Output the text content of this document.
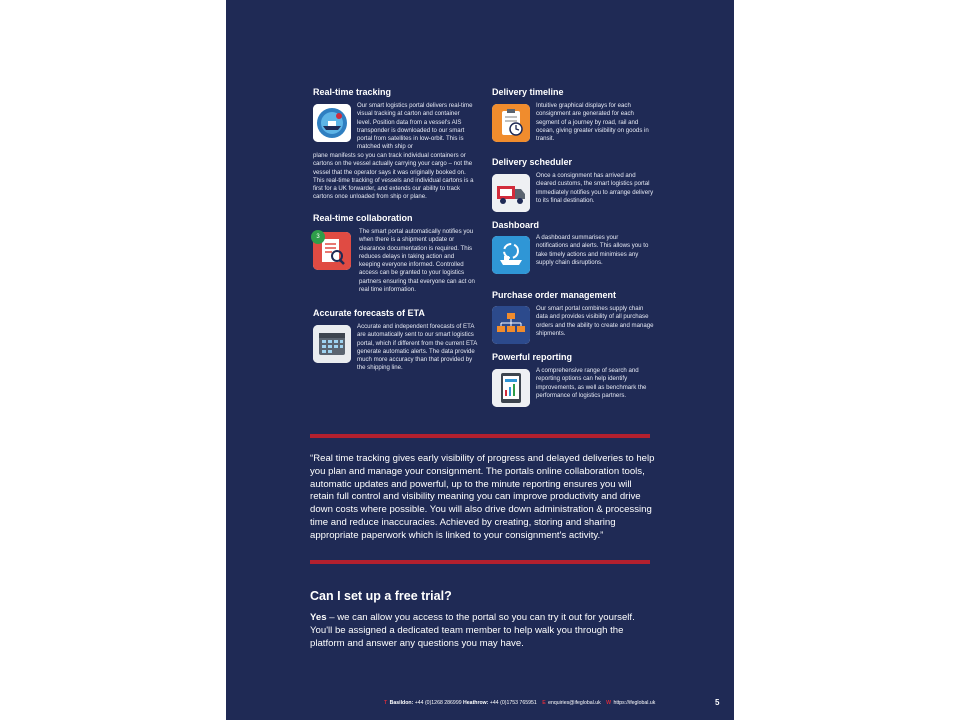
Real-time tracking

Our smart logistics portal delivers real-time visual tracking at carton and container level. Position data from a vessel's AIS transponder is downloaded to our smart portal from satellites in low-orbit. This is matched with ship or

plane manifests so you can track individual containers or cartons on the vessel actually carrying your cargo – not the vessel that the operator says it was originally booked on. This real-time tracking of vessels and individual cartons is a first for a UK forwarder, and extends our ability to track cartons once unloaded from ship or plane.

Real-time collaboration
3

The smart portal automatically notifies you when there is a shipment update or clearance documentation is required. This reduces delays in taking action and keeping everyone informed. Controlled access can be granted to your logistics partners ensuring that everyone can act on real time information.

Accurate forecasts of ETA

Accurate and independent forecasts of ETA are automatically sent to our smart logistics portal, which if different from the current ETA generate automatic alerts. The data provide much more accuracy than that provided by the shipping line.

Delivery timeline

Intuitive graphical displays for each consignment are generated for each segment of a journey by road, rail and ocean, giving greater visibility on goods in transit.

Delivery scheduler

Once a consignment has arrived and cleared customs, the smart logistics portal immediately notifies you to arrange delivery to its final destination.

Dashboard

A dashboard summarises your notifications and alerts. This allows you to take timely actions and minimises any supply chain disruptions.

Purchase order management

Our smart portal combines supply chain data and provides visibility of all purchase orders and the ability to create and manage shipments.

Powerful reporting

A comprehensive range of search and reporting options can help identify improvements, as well as benchmark the performance of logistics partners.

“Real time tracking gives early visibility of progress and delayed deliveries to help you plan and manage your consignment. The portals online collaboration tools, automatic updates and powerful, up to the minute reporting ensures you will retain full control and visibility meaning you can improve productivity and drive down costs where possible. You will also drive down administration & processing time and reduce inaccuracies. Achieved by creating, storing and sharing appropriate paperwork which is linked to your consignment's activity.”

Can I set up a free trial?

Yes – we can allow you access to the portal so you can try it out for yourself. You'll be assigned a dedicated team member to help walk you through the platform and answer any questions you may have.

T Basildon: +44 (0)1268 286999 Heathrow: +44 (0)1753 765951 E enquiries@ifeglobal.uk W https://ifeglobal.uk	5
